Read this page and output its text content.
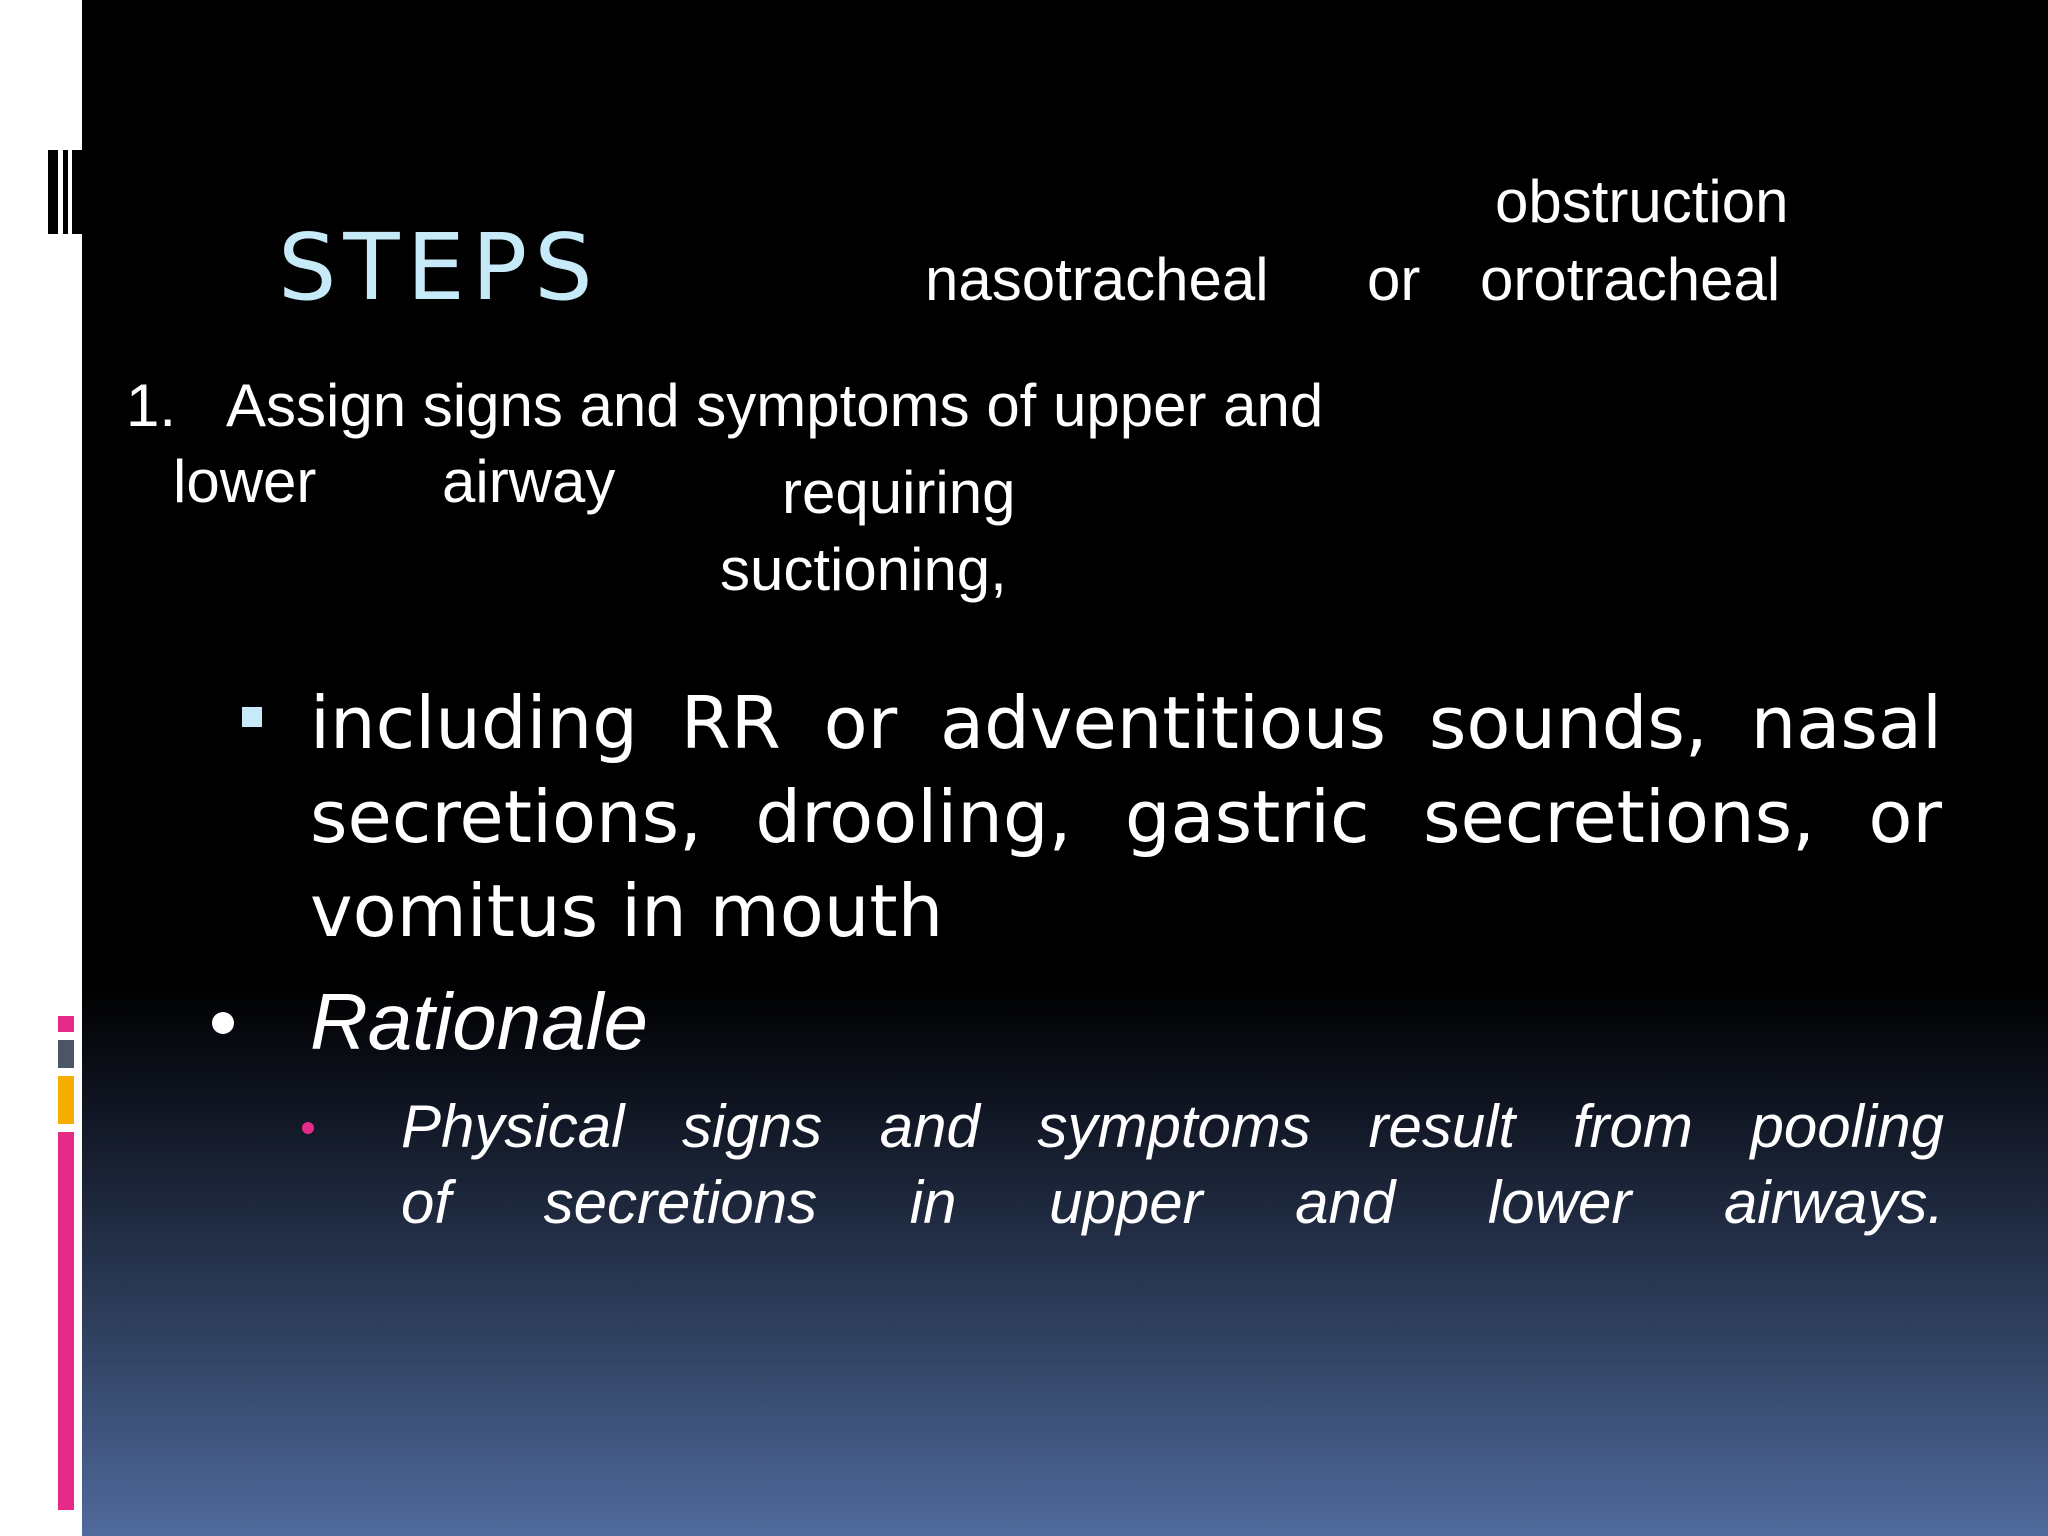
STEPS
obstruction
nasotracheal or orotracheal
1. Assign signs and symptoms of upper and
lower airway	requiring
suctioning,
including RR or adventitious sounds, nasal
secretions, drooling, gastric secretions, or
vomitus in mouth
Rationale
Physical signs and symptoms result from pooling
of secretions in upper and lower airways.
